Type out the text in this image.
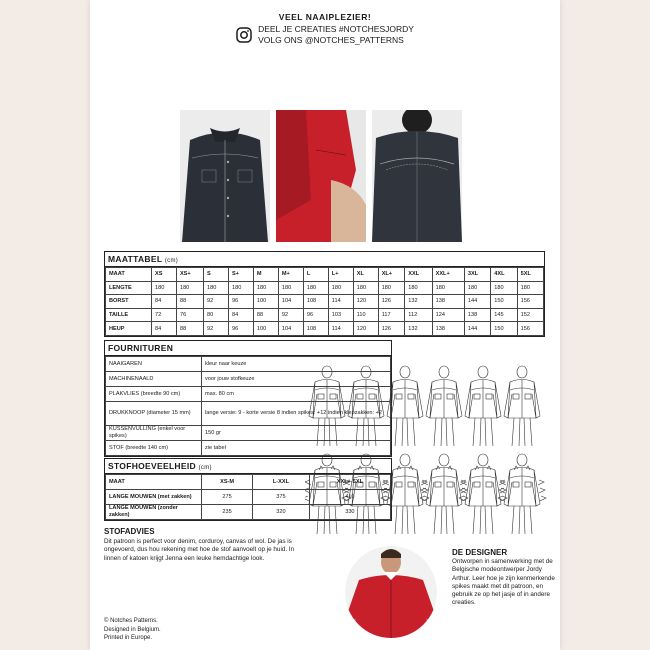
VEEL NAAIPLEZIER!
DEEL JE CREATIES #NOTCHESJORDY
VOLG ONS @NOTCHES_PATTERNS
MAATTABEL (cm)
MAAT	XS	XS+	S	S+	M	M+	L	L+	XL	XL+	XXL	XXL+	3XL	4XL	5XL
LENGTE	180	180	180	180	180	180	180	180	180	180	180	180	180	180	180
BORST	84	88	92	96	100	104	108	114	120	126	132	138	144	150	156
TAILLE	72	76	80	84	88	92	96	103	110	117	112	124	138	145	152
HEUP	84	88	92	96	100	104	108	114	120	126	132	138	144	150	156
FOURNITUREN
NAAIGAREN	kleur naar keuze
MACHINENAALD	voor jouw stofkeuze
PLAKVLIES (breedte 90 cm)	max. 80 cm
DRUKKNOOP (diameter 15 mm)	lange versie: 9 - korte versie 8 indien spikes: +12 indien klepzakken: +2
KUSSENVULLING (enkel voor spikes)	150 gr
STOF (breedte 140 cm)	zie tabel
STOFHOEVEELHEID (cm)
MAAT	XS-M	L-XXL	XXL+-5XL
LANGE MOUWEN (met zakken)	275	375	410
LANGE MOUWEN (zonder zakken)	235	320	330
STOFADVIES

Dit patroon is perfect voor denim, corduroy, canvas of wol. De jas is ongevoerd, dus hou rekening met hoe de stof aanvoelt op je huid. In linnen of katoen krijgt Jenna een leuke hemdachtige look.

© Notches Patterns.
Designed in Belgium.
Printed in Europe.
DE DESIGNER

Ontworpen in samenwerking met de Belgische modeontwerper Jordy Arthur. Leer hoe je zijn kenmerkende spikes maakt met dit patroon, en gebruik ze op het jasje of in andere creaties.
